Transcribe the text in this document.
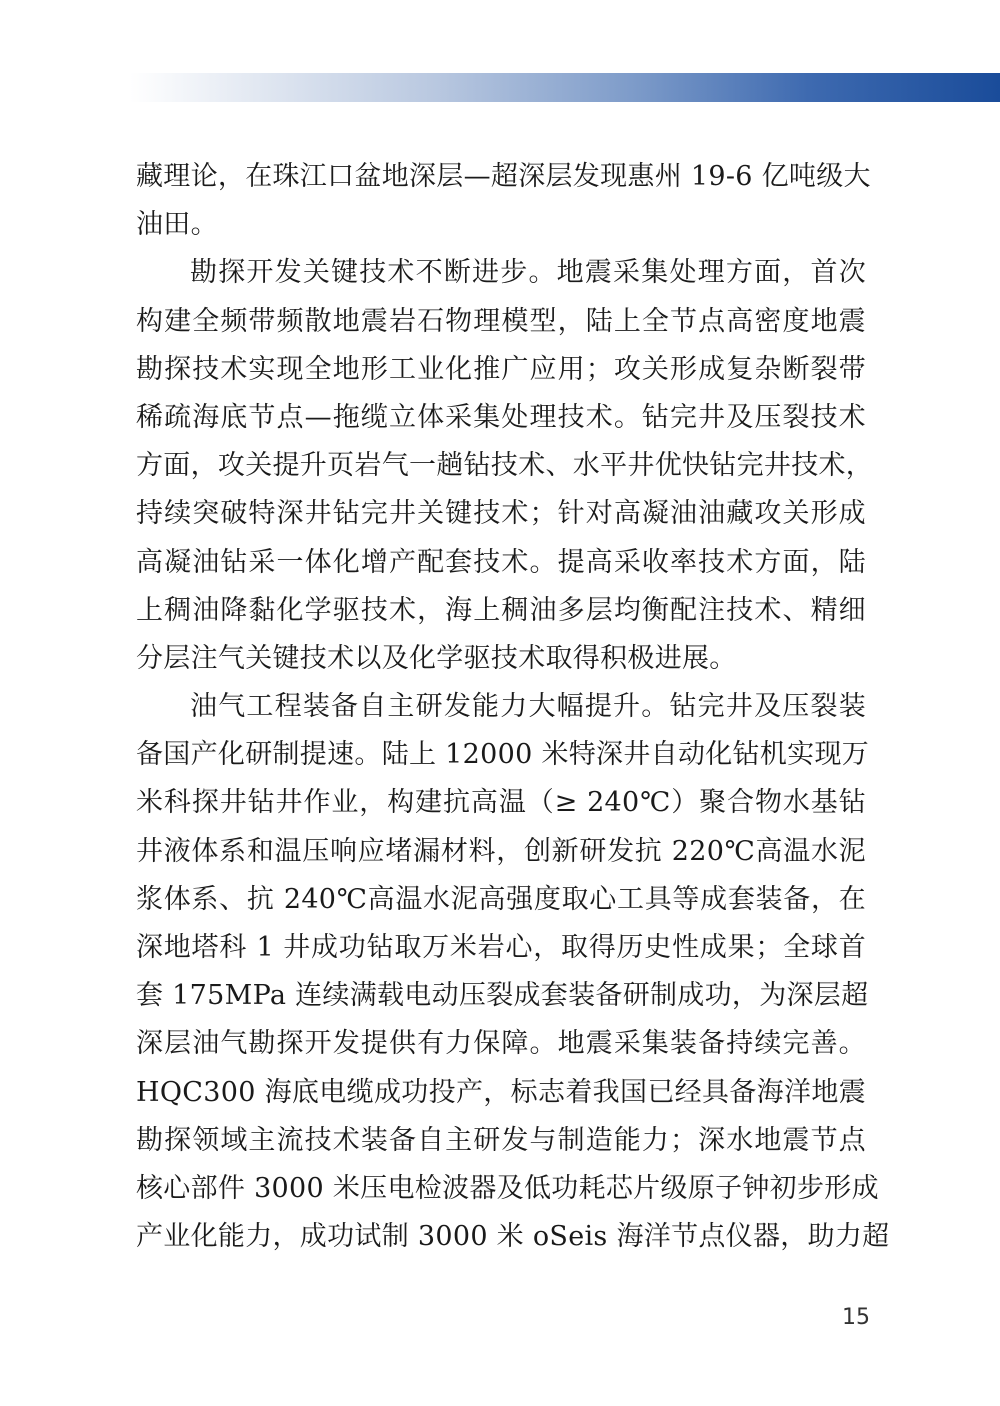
藏理论，在珠江口盆地深层—超深层发现惠州 19-6 亿吨级大
油田。
勘探开发关键技术不断进步。地震采集处理方面，首次
构建全频带频散地震岩石物理模型，陆上全节点高密度地震
勘探技术实现全地形工业化推广应用；攻关形成复杂断裂带
稀疏海底节点—拖缆立体采集处理技术。钻完井及压裂技术
方面，攻关提升页岩气一趟钻技术、水平井优快钻完井技术，
持续突破特深井钻完井关键技术；针对高凝油油藏攻关形成
高凝油钻采一体化增产配套技术。提高采收率技术方面，陆
上稠油降黏化学驱技术，海上稠油多层均衡配注技术、精细
分层注气关键技术以及化学驱技术取得积极进展。
油气工程装备自主研发能力大幅提升。钻完井及压裂装
备国产化研制提速。陆上 12000 米特深井自动化钻机实现万
米科探井钻井作业，构建抗高温（≥ 240℃）聚合物水基钻
井液体系和温压响应堵漏材料，创新研发抗 220℃高温水泥
浆体系、抗 240℃高温水泥高强度取心工具等成套装备，在
深地塔科 1 井成功钻取万米岩心，取得历史性成果；全球首
套 175MPa 连续满载电动压裂成套装备研制成功，为深层超
深层油气勘探开发提供有力保障。地震采集装备持续完善。
HQC300 海底电缆成功投产，标志着我国已经具备海洋地震
勘探领域主流技术装备自主研发与制造能力；深水地震节点
核心部件 3000 米压电检波器及低功耗芯片级原子钟初步形成
产业化能力，成功试制 3000 米 oSeis 海洋节点仪器，助力超
15
